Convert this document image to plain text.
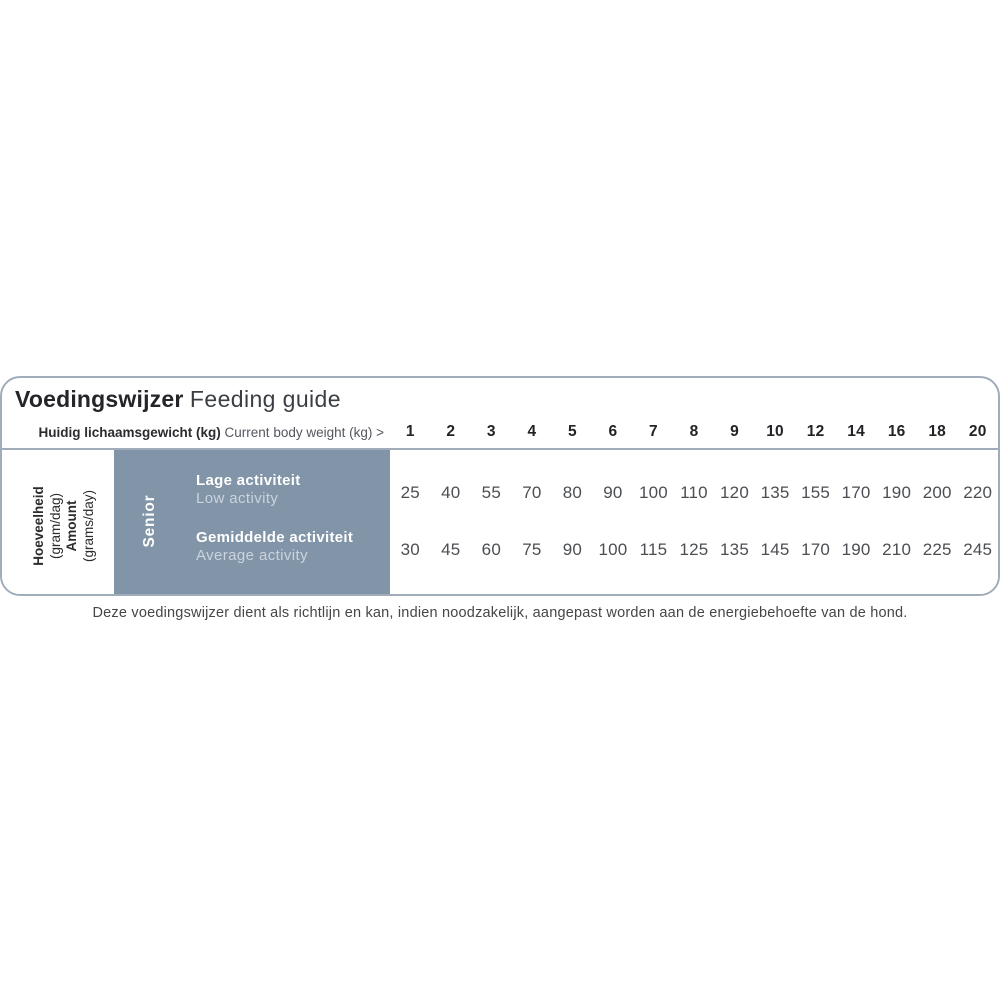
Voedingswijzer Feeding guide
Huidig lichaamsgewicht (kg) Current body weight (kg) >	1	2	3	4	5	6	7	8	9	10	12	14	16	18	20
Hoeveelheid (gram/dag) Amount (grams/day)	Senior
Lage activiteit
Low activity
Gemiddelde activiteit
Average activity
25	40	55	70	80	90 100 110 120 135 155 170 190 200 220
30	45	60	75	90 100 115 125 135 145 170 190 210 225 245
Deze voedingswijzer dient als richtlijn en kan, indien noodzakelijk, aangepast worden aan de energiebehoefte van de hond.
